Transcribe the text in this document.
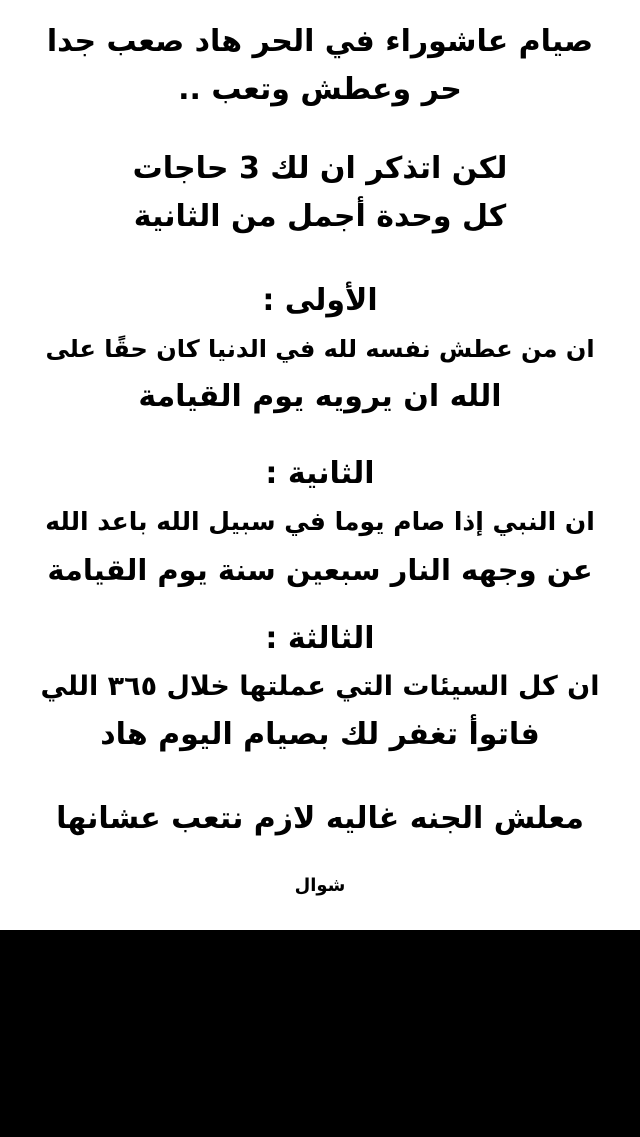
صيام عاشوراء في الحر هاد صعب جدا
حر وعطش وتعب ..
لكن اتذكر ان لك 3 حاجات
كل وحدة أجمل من الثانية
الأولى :
ان من عطش نفسه لله في الدنيا كان حقًا على
الله ان يرويه يوم القيامة
الثانية :
ان النبي إذا صام يوما في سبيل الله باعد الله
عن وجهه النار سبعين سنة يوم القيامة
الثالثة :
ان كل السيئات التي عملتها خلال ٣٦٥ اللي
فاتوأ تغفر لك بصيام اليوم هاد
معلش الجنه غاليه لازم نتعب عشانها
شوال
